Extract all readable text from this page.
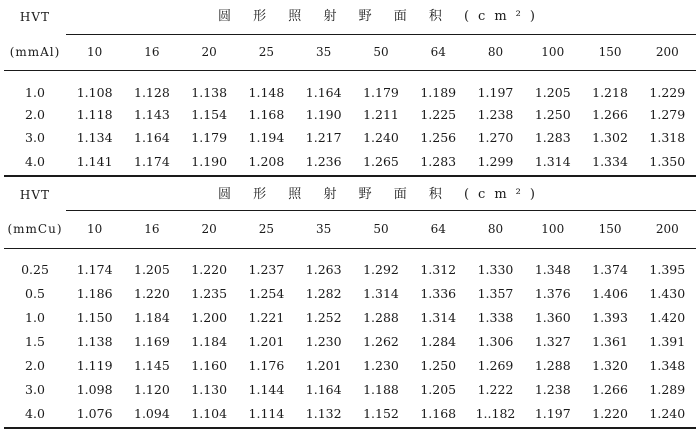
HVT	圆 形 照 射 野 面 积 (cm²)										
(mmAl)	10	16	20	25	35	50	64	80	100	150	200

1.0	1.108	1.128	1.138	1.148	1.164	1.179	1.189	1.197	1.205	1.218	1.229
2.0	1.118	1.143	1.154	1.168	1.190	1.211	1.225	1.238	1.250	1.266	1.279
3.0	1.134	1.164	1.179	1.194	1.217	1.240	1.256	1.270	1.283	1.302	1.318
4.0	1.141	1.174	1.190	1.208	1.236	1.265	1.283	1.299	1.314	1.334	1.350
HVT	圆 形 照 射 野 面 积 (cm²)										
(mmCu)	10	16	20	25	35	50	64	80	100	150	200

0.25	1.174	1.205	1.220	1.237	1.263	1.292	1.312	1.330	1.348	1.374	1.395
0.5	1.186	1.220	1.235	1.254	1.282	1.314	1.336	1.357	1.376	1.406	1.430
1.0	1.150	1.184	1.200	1.221	1.252	1.288	1.314	1.338	1.360	1.393	1.420
1.5	1.138	1.169	1.184	1.201	1.230	1.262	1.284	1.306	1.327	1.361	1.391
2.0	1.119	1.145	1.160	1.176	1.201	1.230	1.250	1.269	1.288	1.320	1.348
3.0	1.098	1.120	1.130	1.144	1.164	1.188	1.205	1.222	1.238	1.266	1.289
4.0	1.076	1.094	1.104	1.114	1.132	1.152	1.168	1..182	1.197	1.220	1.240
